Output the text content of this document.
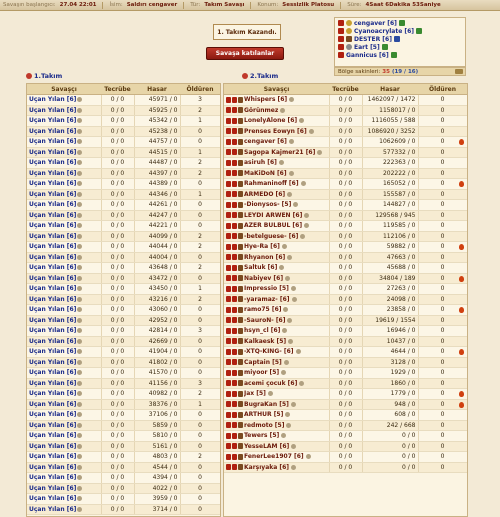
Savaşın başlangıcı: 27.04 22:01 İsim: Saldırı cengaver Tür: Takım Savaşı Konum: Sessizlik Platosu Süre: 4Saat 6Dakika 53Saniye
1. Takım Kazandı.
Savaşa katılanlar
cengaver [6]
Cyanoacrylate [6]
DESTER [6]
Eart [5]
Gannicus [6]
Bölge sakinleri: 35 (19 / 16)
1.Takım	2.Takım
Savaşçı	Tecrübe	Hasar	Öldüren
Uçan Yılan [6]	0 / 0	45971 / 0	3
Uçan Yılan [6]	0 / 0	45925 / 0	2
Uçan Yılan [6]	0 / 0	45342 / 0	1
Uçan Yılan [6]	0 / 0	45238 / 0	0
Uçan Yılan [6]	0 / 0	44757 / 0	0
Uçan Yılan [6]	0 / 0	44515 / 0	1
Uçan Yılan [6]	0 / 0	44487 / 0	2
Uçan Yılan [6]	0 / 0	44397 / 0	2
Uçan Yılan [6]	0 / 0	44389 / 0	0
Uçan Yılan [6]	0 / 0	44346 / 0	1
Uçan Yılan [6]	0 / 0	44261 / 0	0
Uçan Yılan [6]	0 / 0	44247 / 0	0
Uçan Yılan [6]	0 / 0	44221 / 0	0
Uçan Yılan [6]	0 / 0	44099 / 0	2
Uçan Yılan [6]	0 / 0	44044 / 0	2
Uçan Yılan [6]	0 / 0	44004 / 0	0
Uçan Yılan [6]	0 / 0	43648 / 0	2
Uçan Yılan [6]	0 / 0	43472 / 0	0
Uçan Yılan [6]	0 / 0	43450 / 0	1
Uçan Yılan [6]	0 / 0	43216 / 0	2
Uçan Yılan [6]	0 / 0	43060 / 0	0
Uçan Yılan [6]	0 / 0	42952 / 0	0
Uçan Yılan [6]	0 / 0	42814 / 0	3
Uçan Yılan [6]	0 / 0	42669 / 0	0
Uçan Yılan [6]	0 / 0	41904 / 0	0
Uçan Yılan [6]	0 / 0	41802 / 0	0
Uçan Yılan [6]	0 / 0	41570 / 0	0
Uçan Yılan [6]	0 / 0	41156 / 0	3
Uçan Yılan [6]	0 / 0	40982 / 0	2
Uçan Yılan [6]	0 / 0	38376 / 0	1
Uçan Yılan [6]	0 / 0	37106 / 0	0
Uçan Yılan [6]	0 / 0	5859 / 0	0
Uçan Yılan [6]	0 / 0	5810 / 0	0
Uçan Yılan [6]	0 / 0	5161 / 0	0
Uçan Yılan [6]	0 / 0	4803 / 0	2
Uçan Yılan [6]	0 / 0	4544 / 0	0
Uçan Yılan [6]	0 / 0	4394 / 0	0
Uçan Yılan [6]	0 / 0	4022 / 0	0
Uçan Yılan [6]	0 / 0	3959 / 0	0
Uçan Yılan [6]	0 / 0	3714 / 0	0
Savaşçı	Tecrübe	Hasar	Öldüren

Whispers [6]	0 / 0	1462097 / 1472	0

Görünmez	0 / 0	1158017 / 0	0

LonelyAlone [6]	0 / 0	1116055 / 588	0

Prenses Ëowyn [6]	0 / 0	1086920 / 3252	0

cengaver [6]	0 / 0	1062609 / 0	0

Sagopa Kajmer21 [6]	0 / 0	577332 / 0	0

asiruh [6]	0 / 0	222363 / 0	0

MaKiDoN [6]	0 / 0	202222 / 0	0

Rahmaninoff [6]	0 / 0	165052 / 0	0

ARMEDO [6]	0 / 0	155587 / 0	0

-Dionysos- [5]	0 / 0	144827 / 0	0

LEYDİ ARWEN [6]	0 / 0	129568 / 945	0

AZER BÜLBÜL [6]	0 / 0	119585 / 0	0

-betelguese- [6]	0 / 0	112106 / 0	0

Hye-Ra [6]	0 / 0	59882 / 0	0

Rhyanon [6]	0 / 0	47663 / 0	0

Saltuk [6]	0 / 0	45688 / 0	0

Nabiyev [6]	0 / 0	34804 / 189	0

İmpressio [5]	0 / 0	27263 / 0	0

-yaramaz- [6]	0 / 0	24098 / 0	0

ramo75 [6]	0 / 0	23858 / 0	0

-SauroN- [6]	0 / 0	19619 / 1554	0

hsyn_cl [6]	0 / 0	16946 / 0	0

Kalkaesk [5]	0 / 0	10437 / 0	0

-XTQ-KING- [6]	0 / 0	4644 / 0	0

Captain [5]	0 / 0	3128 / 0	0

miyoor [5]	0 / 0	1929 / 0	0

acemi çocuk [6]	0 / 0	1860 / 0	0

Jax [5]	0 / 0	1779 / 0	0

BugraKan [5]	0 / 0	948 / 0	0

ARTHUR [5]	0 / 0	608 / 0	0

redmoto [5]	0 / 0	242 / 668	0

Tewers [5]	0 / 0	0 / 0	0

YesseLAM [6]	0 / 0	0 / 0	0

FenerLee1907 [6]	0 / 0	0 / 0	0

Karşıyaka [6]	0 / 0	0 / 0	0
